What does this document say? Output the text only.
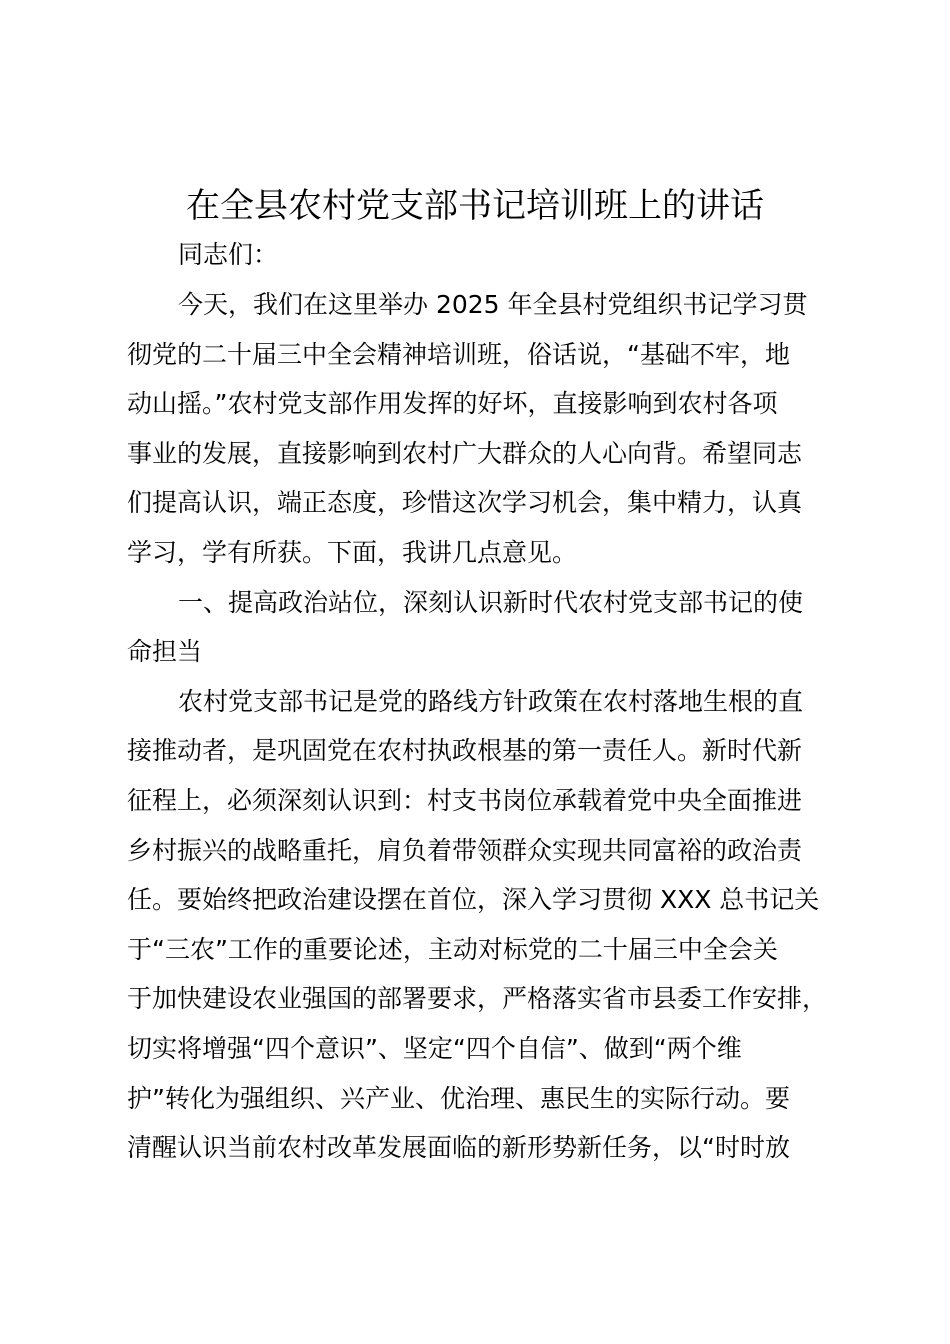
在全县农村党支部书记培训班上的讲话
同志们：
今天，我们在这里举办 2025 年全县村党组织书记学习贯
彻党的二十届三中全会精神培训班，俗话说，“基础不牢，地
动山摇。”农村党支部作用发挥的好坏，直接影响到农村各项
事业的发展，直接影响到农村广大群众的人心向背。希望同志
们提高认识，端正态度，珍惜这次学习机会，集中精力，认真
学习，学有所获。下面，我讲几点意见。
一、提高政治站位，深刻认识新时代农村党支部书记的使
命担当
农村党支部书记是党的路线方针政策在农村落地生根的直
接推动者，是巩固党在农村执政根基的第一责任人。新时代新
征程上，必须深刻认识到：村支书岗位承载着党中央全面推进
乡村振兴的战略重托，肩负着带领群众实现共同富裕的政治责
任。要始终把政治建设摆在首位，深入学习贯彻 XXX 总书记关
于“三农”工作的重要论述，主动对标党的二十届三中全会关
于加快建设农业强国的部署要求，严格落实省市县委工作安排，
切实将增强“四个意识”、坚定“四个自信”、做到“两个维
护”转化为强组织、兴产业、优治理、惠民生的实际行动。要
清醒认识当前农村改革发展面临的新形势新任务，以“时时放
